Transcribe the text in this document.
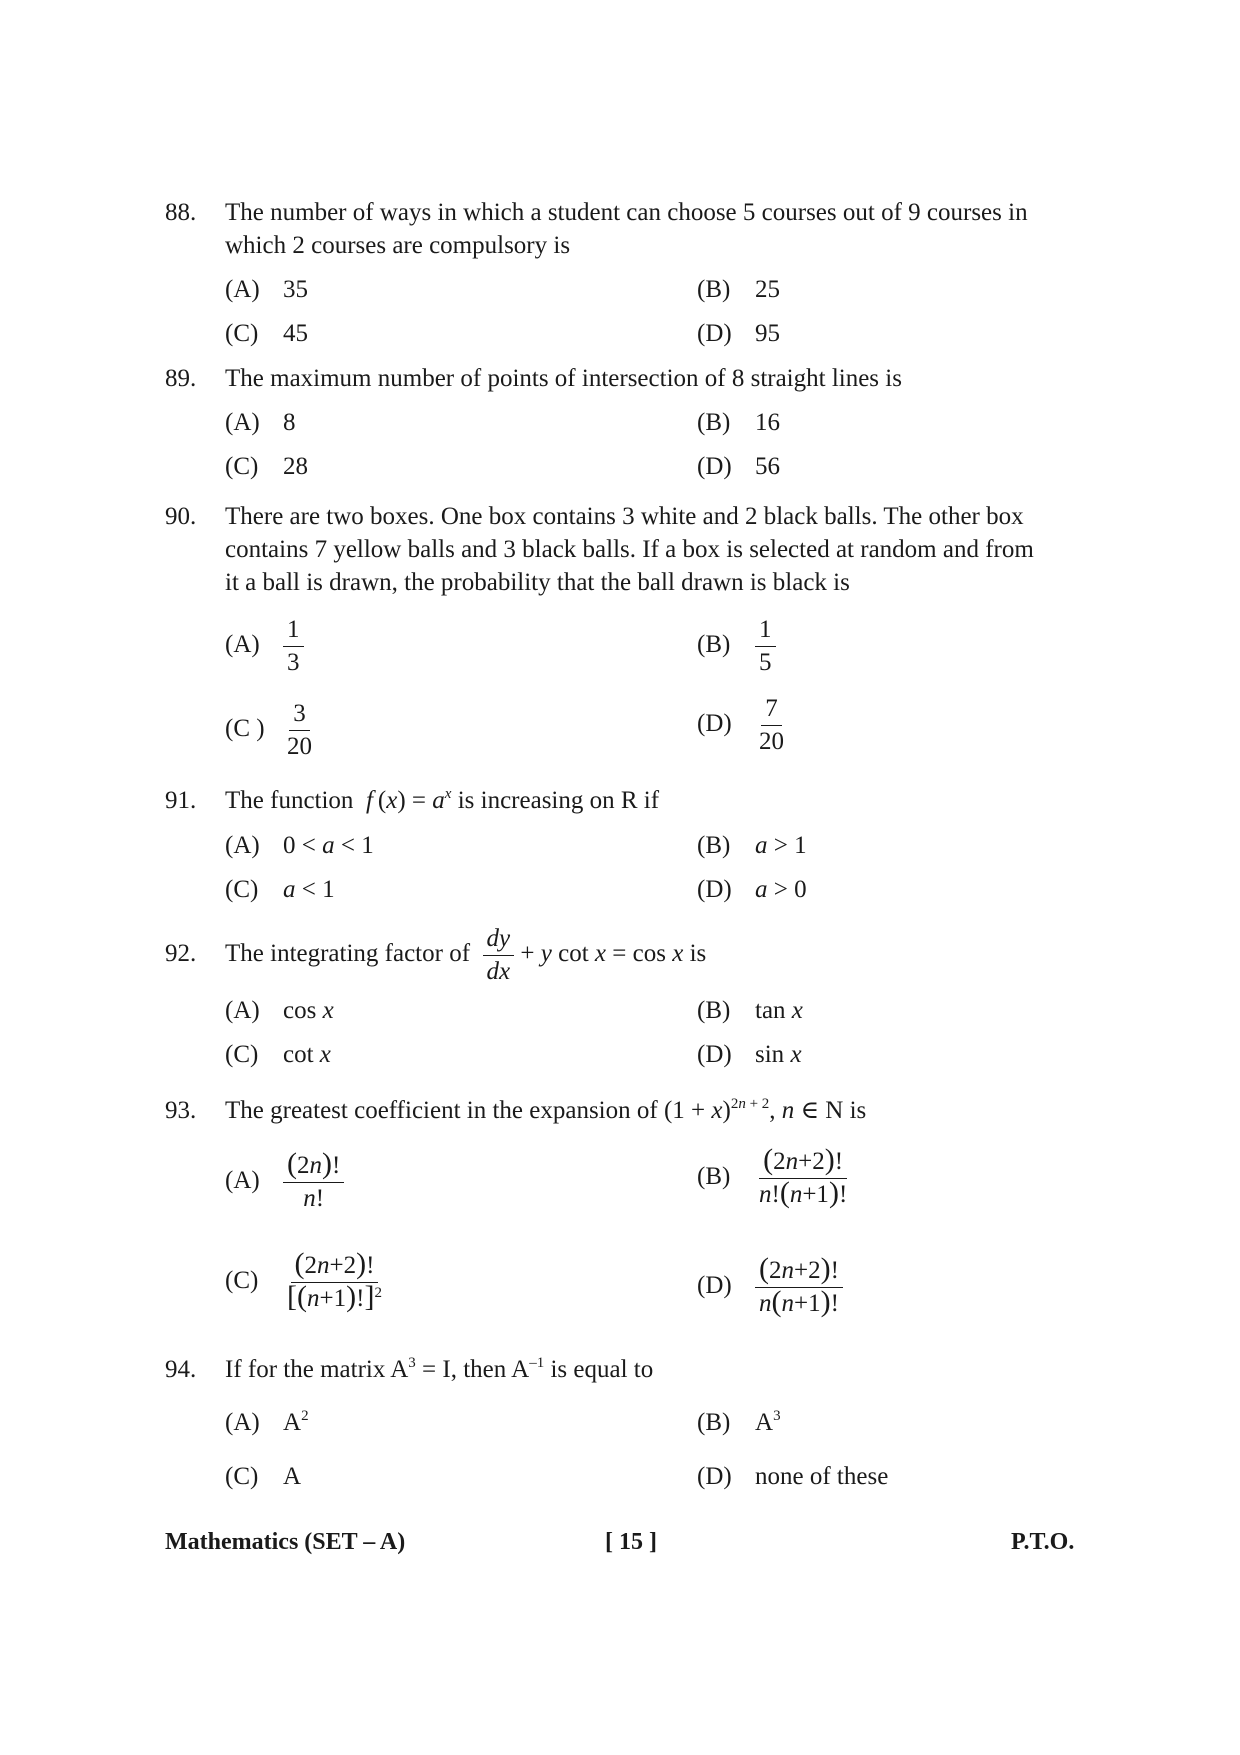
88. The number of ways in which a student can choose 5 courses out of 9 courses in
which 2 courses are compulsory is
(A) 35	(B) 25
(C) 45	(D) 95
89. The maximum number of points of intersection of 8 straight lines is
(A) 8	(B) 16
(C) 28	(D) 56
90. There are two boxes. One box contains 3 white and 2 black balls. The other box
contains 7 yellow balls and 3 black balls. If a box is selected at random and from
it a ball is drawn, the probability that the ball drawn is black is
$(A) \frac{1}{3}$	$(B) \frac{1}{5}$
(C ) $\frac{3}{20}$	$(D) \frac{7}{20}$
91. The function f $(x) = a^x$ is increasing on R if
(A) 0 < a < 1	(B) a > 1
(C) a < 1	(D) a > 0
92. The integrating factor of $\frac{dy}{dx} + y$ cot x = cos x is
(A) cos x	(B) tan x
(C) cot x	(D) sin x
93. The greatest coefficient in the expansion of $(1 + x)^{2n + 2}$, n ∈ N is
$(A) \frac{(2n)!}{n!}$	$(B) \frac{(2n+2)!}{n!(n+1)!}$
$(C) \frac{(2n+2)!}{[(n+1)!]^2}$	$(D) \frac{(2n+2)!}{n(n+1)!}$
94. If for the matrix $A^3 = I$, then $A^{-1}$ is equal to
(A) $A^2$	(B) $A^3$
(C) A	(D) none of these
Mathematics (SET – A)	[ 15 ]	P.T.O.
